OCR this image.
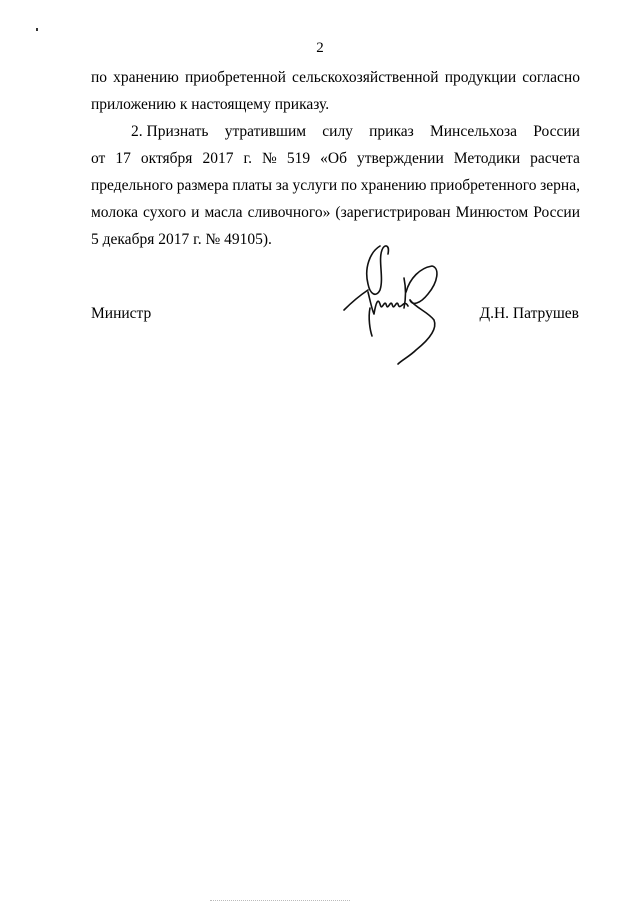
2
по хранению приобретенной сельскохозяйственной продукции согласно
приложению к настоящему приказу.
2. Признать утратившим силу приказ Минсельхоза России
от 17 октября 2017 г. № 519 «Об утверждении Методики расчета
предельного размера платы за услуги по хранению приобретенного зерна,
молока сухого и масла сливочного» (зарегистрирован Минюстом России
5 декабря 2017 г. № 49105).
Министр	Д.Н. Патрушев
